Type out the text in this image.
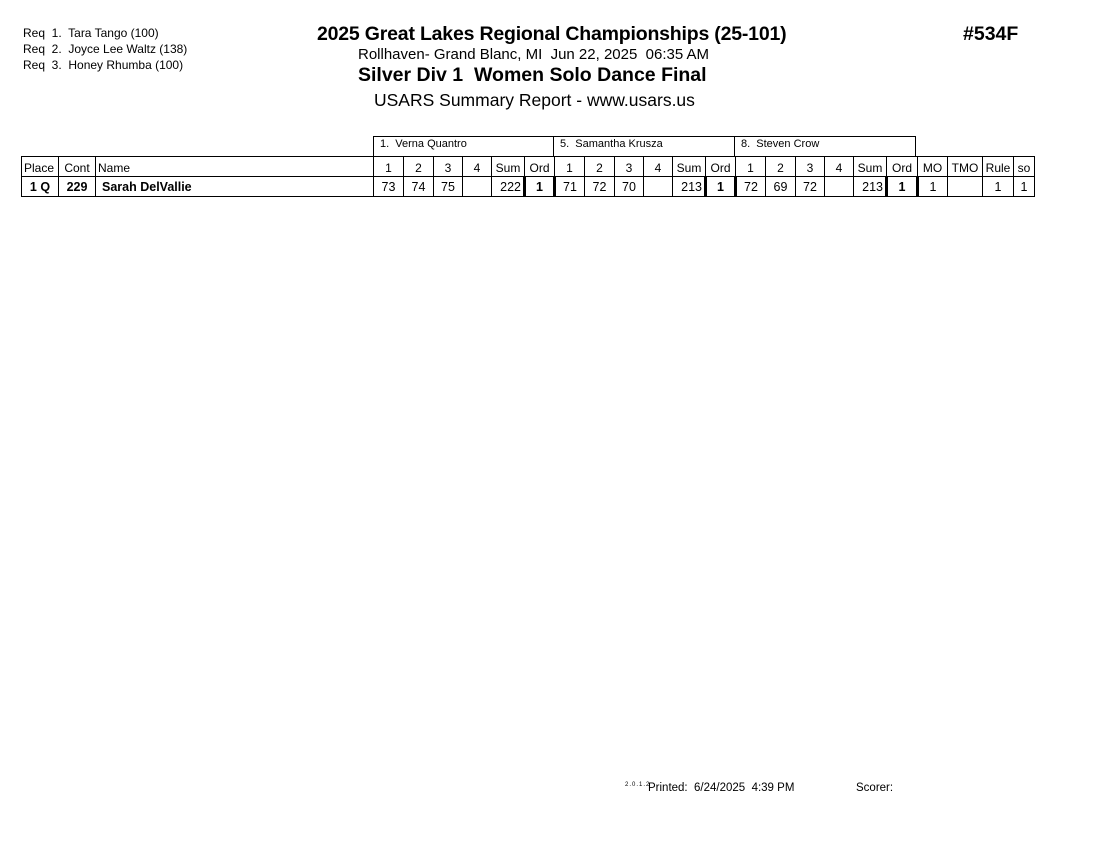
Req  1.  Tara Tango (100)
Req  2.  Joyce Lee Waltz (138)
Req  3.  Honey Rhumba (100)
2025 Great Lakes Regional Championships (25-101)	#534F
Rollhaven- Grand Blanc, MI  Jun 22, 2025  06:35 AM
Silver Div 1  Women Solo Dance Final
USARS Summary Report - www.usars.us
1.  Verna Quantro	5.  Samantha Krusza	8.  Steven Crow
Place	Cont	Name	1	2	3	4	Sum	Ord	1	2	3	4	Sum	Ord	1	2	3	4	Sum	Ord	MO	TMO	Rule	so
1 Q	229	Sarah DelVallie	73	74	75		222	1	71	72	70		213	1	72	69	72		213	1	1		1	1
2.0.1.2
Printed:  6/24/2025  4:39 PM	Scorer:
